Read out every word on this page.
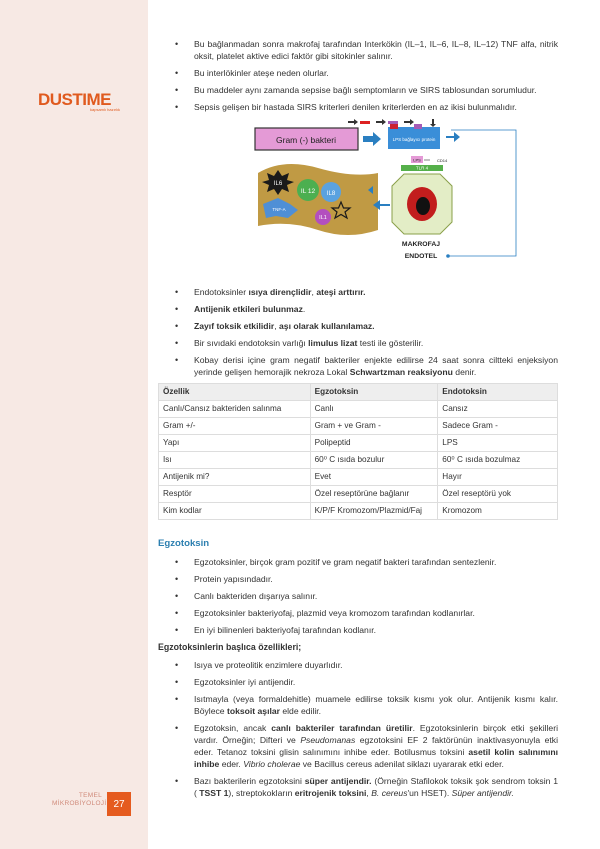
DUSTIME
kapsamlı hazırlık
TEMEL
MİKROBİYOLOJİ 27
• Bu bağlanmadan sonra makrofaj tarafından Interkökin (IL–1, IL–6, IL–8, IL–12) TNF alfa, nitrik oksit, platelet aktive edici faktör gibi sitokinler salınır.
• Bu interlökinler ateşe neden olurlar.
• Bu maddeler aynı zamanda sepsise bağlı semptomların ve SIRS tablosundan sorumludur.
• Sepsis gelişen bir hastada SIRS kriterleri denilen kriterlerden en az ikisi bulunmalıdır.
Gram (-) bakteri	LPS bağlayıcı protein
IL6
IL 12 IL8
TNF-A
IL1
LPS	CD14
TLR 4
MAKROFAJ
ENDOTEL
• Endotoksinler ısıya dirençlidir, ateşi arttırır.
• Antijenik etkileri bulunmaz.
• Zayıf toksik etkilidir, aşı olarak kullanılamaz.
• Bir sıvıdaki endotoksin varlığı limulus lizat testi ile gösterilir.
• Kobay derisi içine gram negatif bakteriler enjekte edilirse 24 saat sonra ciltteki enjeksiyon yerinde gelişen hemorajik nekroza Lokal Schwartzman reaksiyonu denir.
Özellik	Egzotoksin	Endotoksin
Canlı/Cansız bakteriden salınma	Canlı	Cansız
Gram +/-	Gram + ve Gram -	Sadece Gram -
Yapı	Polipeptid	LPS
Isı	60⁰ C ısıda bozulur	60⁰ C ısıda bozulmaz
Antijenik mi?	Evet	Hayır
Resptör	Özel reseptörüne bağlanır	Özel reseptörü yok
Kim kodlar	K/P/F Kromozom/Plazmid/Faj	Kromozom
Egzotoksin
• Egzotoksinler, birçok gram pozitif ve gram negatif bakteri tarafından sentezlenir.
• Protein yapısındadır.
• Canlı bakteriden dışarıya salınır.
• Egzotoksinler bakteriyofaj, plazmid veya kromozom tarafından kodlanırlar.
• En iyi bilinenleri bakteriyofaj tarafından kodlanır.
Egzotoksinlerin başlıca özellikleri;
• Isıya ve proteolitik enzimlere duyarlıdır.
• Egzotoksinler iyi antijendir.
• Isıtmayla (veya formaldehitle) muamele edilirse toksik kısmı yok olur. Antijenik kısmı kalır. Böylece toksoit aşılar elde edilir.
• Egzotoksin, ancak canlı bakteriler tarafından üretilir. Egzotoksinlerin birçok etki şekilleri vardır. Örneğin; Difteri ve Pseudomanas egzotoksini EF 2 faktörünün inaktivasyonuyla etki eder. Tetanoz toksini glisin salınımını inhibe eder. Botilusmus toksini asetil kolin salınımını inhibe eder. Vibrio cholerae ve Bacillus cereus adenilat siklazı uyararak etki eder.
• Bazı bakterilerin egzotoksini süper antijendir. (Örneğin Stafilokok toksik şok sendrom toksin 1 ( TSST 1), streptokokların eritrojenik toksini, B. cereus'un HSET). Süper antijendir.
